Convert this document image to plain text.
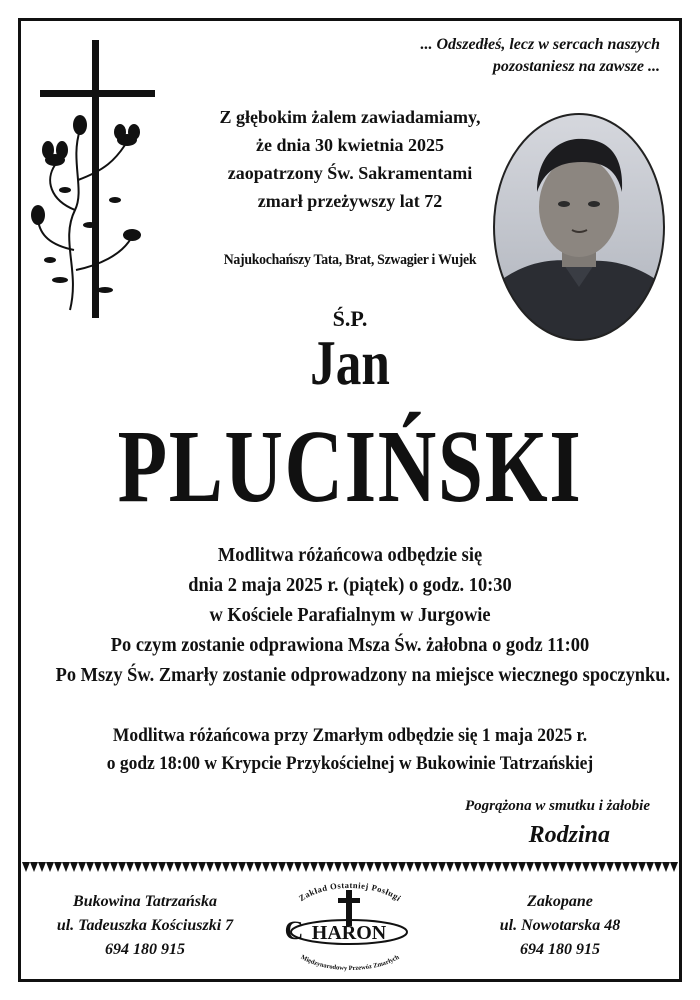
... Odszedłeś, lecz w sercach naszych
pozostaniesz na zawsze ...
Z głębokim żalem zawiadamiamy,
że dnia 30 kwietnia 2025
zaopatrzony Św. Sakramentami
zmarł przeżywszy lat 72
Najukochańszy Tata, Brat, Szwagier i Wujek
Ś.P.
Jan
PLUCIŃSKI
Modlitwa różańcowa odbędzie się
dnia 2 maja 2025 r. (piątek) o godz. 10:30
w Kościele Parafialnym w Jurgowie
Po czym zostanie odprawiona Msza Św. żałobna o godz 11:00
Po Mszy Św. Zmarły zostanie odprowadzony na miejsce wiecznego spoczynku.
Modlitwa różańcowa przy Zmarłym odbędzie się 1 maja 2025 r.
o godz 18:00 w Krypcie Przykościelnej w Bukowinie Tatrzańskiej
Pogrążona w smutku i żałobie
Rodzina
Bukowina Tatrzańska
ul. Tadeuszka Kościuszki 7
694 180 915
Zakład Ostatniej Posługi
HARON
C
Międzynarodowy Przewóz Zmarłych
Zakopane
ul. Nowotarska 48
694 180 915
